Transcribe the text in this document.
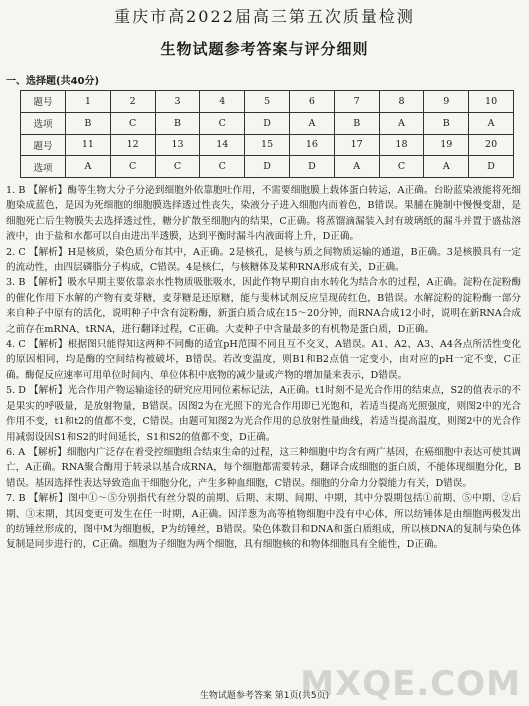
重庆市高2022届高三第五次质量检测
生物试题参考答案与评分细则
一、选择题(共40分)
题号	1	2	3	4	5	6	7	8	9	10
选项	B	C	B	C	D	A	B	A	B	A
题号	11	12	13	14	15	16	17	18	19	20
选项	A	C	C	C	D	D	A	C	A	D

1. B 【解析】酶等生物大分子分泌到细胞外依靠胞吐作用，不需要细胞膜上载体蛋白转运，A正确。台盼蓝染液能将死细胞染成蓝色，是因为死细胞的细胞膜选择透过性丧失，染液分子进入细胞内而着色，B错误。果脯在腌制中慢慢变甜，是细胞死亡后生物膜失去选择透过性，糖分扩散至细胞内的结果，C正确。将蒸馏滴漏装入封有玻璃纸的漏斗并置于盛盐溶液中，由于盐和水都可以自由进出半透膜，达到平衡时漏斗内液面将上升，D正确。

2. C 【解析】H是核质，染色质分布其中，A正确。2是核孔，是核与质之间物质运输的通道，B正确。3是核膜具有一定的流动性，由四层磷脂分子构成，C错误。4是核仁，与核糖体及某种RNA形成有关，D正确。

3. B 【解析】吸水早期主要依靠亲水性物质吸胀吸水，因此作物早期自由水转化为结合水的过程，A正确。淀粉在淀粉酶的催化作用下水解的产物有麦芽糖，麦芽糖是还原糖，能与斐林试剂反应呈现砖红色，B错误。水解淀粉的淀粉酶一部分来自种子中原有的活化，说明种子中含有淀粉酶，新蛋白质合成在15～20分钟，而RNA合成12小时，说明在新RNA合成之前存在mRNA、tRNA，进行翻译过程，C正确。大麦种子中含量最多的有机物是蛋白质，D正确。

4. C 【解析】根据图只能得知这两种不同酶的适宜pH范围不同且互不交叉，A错误。A1、A2、A3、A4各点所活性变化的原因相同，均是酶的空间结构被破坏，B错误。若改变温度，则B1和B2点值一定变小，由对应的pH一定不变，C正确。酶促反应速率可用单位时间内、单位体积中底物的减少量或产物的增加量来表示，D错误。

5. D 【解析】光合作用产物运输途径的研究应用同位素标记法，A正确。t1时刻不是光合作用的结束点，S2的值表示的不是果实的呼吸量，是放射物量，B错误。因图2为在光照下的光合作用即已光饱和，若适当提高光照强度，则图2中的光合作用不变，t1和t2的值都不变，C错误。由题可知图2为光合作用的总放射性量曲线，若适当提高温度，则图2中的光合作用减弱设因S1和S2的时间延长，S1和S2的值都不变，D正确。

6. A 【解析】细胞内广泛存在着受控细胞组合结束生命的过程，这三种细胞中均含有两广基因，在癌细胞中表达可使其调亡，A正确。RNA聚合酶用于转录以基合成RNA，每个细胞都需要转录，翻译合成细胞的蛋白质，不能体现细胞分化，B错误。基因选择性表达导致造血干细胞分化，产生多种血细胞，C错误。细胞的分命力分裂能力有关，D错误。

7. B 【解析】图中①～⑤分别指代有丝分裂的前期、后期、末期、间期、中期，其中分裂期包括①前期、⑤中期、②后期、③末期，其因变更可发生在任一时期，A正确。因洋葱为高等植物细胞中没有中心体，所以纺锤体是由细胞两极发出的纺锤丝形成的，图中M为细胞板，P为纺锤丝，B错误。染色体数目和DNA和蛋白质组成，所以核DNA的复制与染色体复制是同步进行的，C正确。细胞为子细胞为两个细胞，具有细胞核的和物体细胞具有全能性，D正确。

生物试题参考答案 第1页(共5页)
MXQE.COM
